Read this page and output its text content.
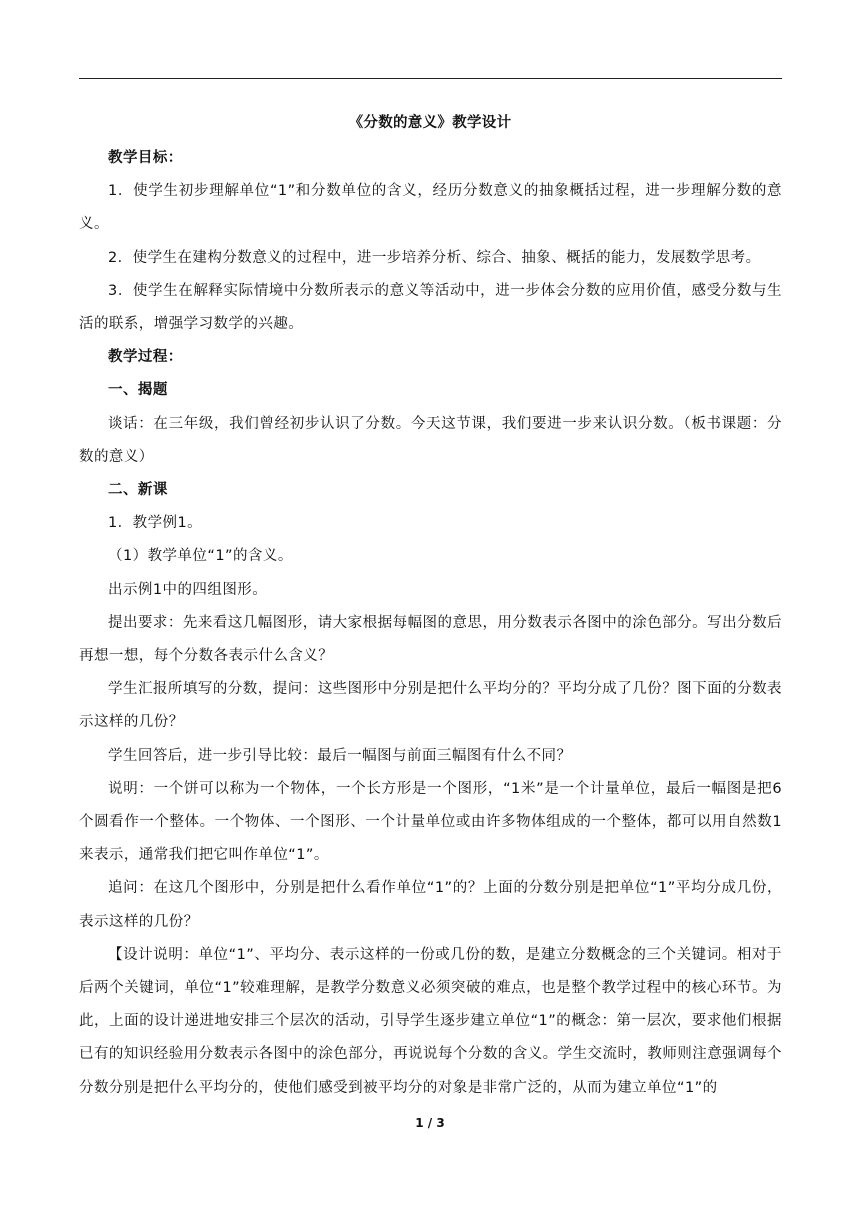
《分数的意义》教学设计

教学目标：

1．使学生初步理解单位“1”和分数单位的含义，经历分数意义的抽象概括过程，进一步理解分数的意义。

2．使学生在建构分数意义的过程中，进一步培养分析、综合、抽象、概括的能力，发展数学思考。

3．使学生在解释实际情境中分数所表示的意义等活动中，进一步体会分数的应用价值，感受分数与生活的联系，增强学习数学的兴趣。

教学过程：

一、揭题

谈话：在三年级，我们曾经初步认识了分数。今天这节课，我们要进一步来认识分数。（板书课题：分数的意义）

二、新课

1．教学例1。

（1）教学单位“1”的含义。

出示例1中的四组图形。

提出要求：先来看这几幅图形，请大家根据每幅图的意思，用分数表示各图中的涂色部分。写出分数后再想一想，每个分数各表示什么含义？

学生汇报所填写的分数，提问：这些图形中分别是把什么平均分的？平均分成了几份？图下面的分数表示这样的几份？

学生回答后，进一步引导比较：最后一幅图与前面三幅图有什么不同？

说明：一个饼可以称为一个物体，一个长方形是一个图形，“1米”是一个计量单位，最后一幅图是把6个圆看作一个整体。一个物体、一个图形、一个计量单位或由许多物体组成的一个整体，都可以用自然数1来表示，通常我们把它叫作单位“1”。

追问：在这几个图形中，分别是把什么看作单位“1”的？上面的分数分别是把单位“1”平均分成几份，表示这样的几份？

【设计说明：单位“1”、平均分、表示这样的一份或几份的数，是建立分数概念的三个关键词。相对于后两个关键词，单位“1”较难理解，是教学分数意义必须突破的难点，也是整个教学过程中的核心环节。为此，上面的设计递进地安排三个层次的活动，引导学生逐步建立单位“1”的概念：第一层次，要求他们根据已有的知识经验用分数表示各图中的涂色部分，再说说每个分数的含义。学生交流时，教师则注意强调每个分数分别是把什么平均分的，使他们感受到被平均分的对象是非常广泛的，从而为建立单位“1”的

1 / 3
